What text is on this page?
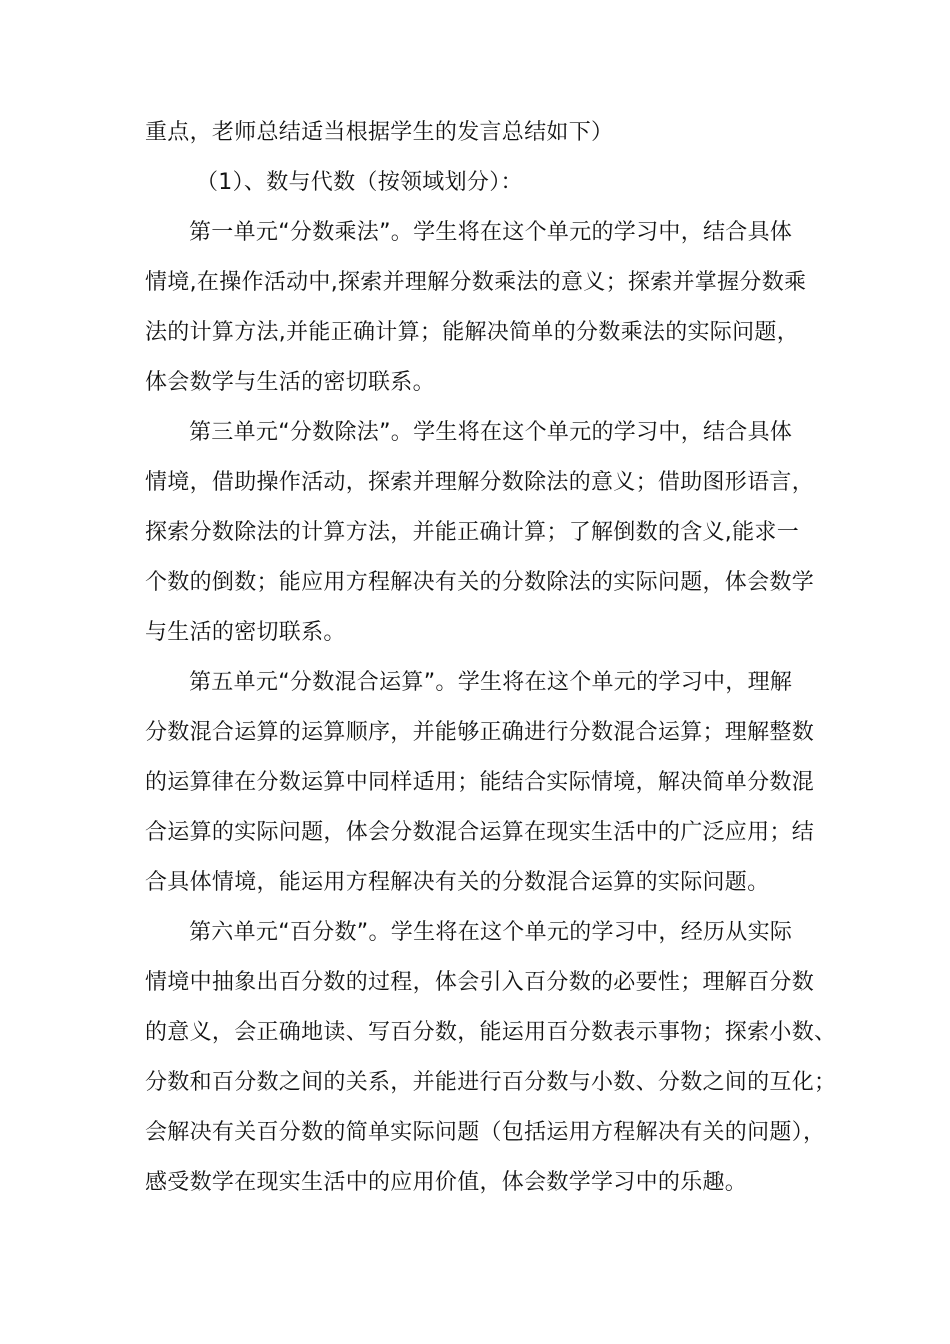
重点，老师总结适当根据学生的发言总结如下）
（1）、数与代数（按领域划分）：
第一单元“分数乘法”。学生将在这个单元的学习中，结合具体
情境,在操作活动中,探索并理解分数乘法的意义；探索并掌握分数乘
法的计算方法,并能正确计算；能解决简单的分数乘法的实际问题，
体会数学与生活的密切联系。
第三单元“分数除法”。学生将在这个单元的学习中，结合具体
情境，借助操作活动，探索并理解分数除法的意义；借助图形语言，
探索分数除法的计算方法，并能正确计算；了解倒数的含义,能求一
个数的倒数；能应用方程解决有关的分数除法的实际问题，体会数学
与生活的密切联系。
第五单元“分数混合运算”。学生将在这个单元的学习中，理解
分数混合运算的运算顺序，并能够正确进行分数混合运算；理解整数
的运算律在分数运算中同样适用；能结合实际情境，解决简单分数混
合运算的实际问题，体会分数混合运算在现实生活中的广泛应用；结
合具体情境，能运用方程解决有关的分数混合运算的实际问题。
第六单元“百分数”。学生将在这个单元的学习中，经历从实际
情境中抽象出百分数的过程，体会引入百分数的必要性；理解百分数
的意义，会正确地读、写百分数，能运用百分数表示事物；探索小数、
分数和百分数之间的关系，并能进行百分数与小数、分数之间的互化；
会解决有关百分数的简单实际问题（包括运用方程解决有关的问题），
感受数学在现实生活中的应用价值，体会数学学习中的乐趣。
